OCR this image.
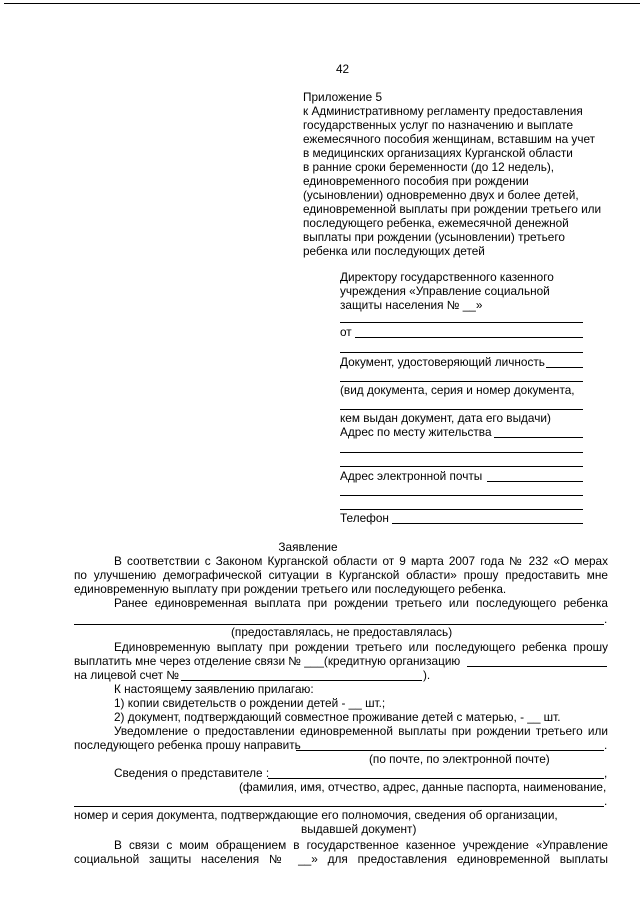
42
Приложение 5
к Административному регламенту предоставления
государственных услуг по назначению и выплате
ежемесячного пособия женщинам, вставшим на учет
в медицинских организациях Курганской области
в ранние сроки беременности (до 12 недель),
единовременного пособия при рождении
(усыновлении) одновременно двух и более детей,
единовременной выплаты при рождении третьего или
последующего ребенка, ежемесячной денежной
выплаты при рождении (усыновлении) третьего
ребенка или последующих детей
Директору государственного казенного
учреждения «Управление социальной
защиты населения № __»
от
Документ, удостоверяющий личность
(вид документа, серия и номер документа,
кем выдан документ, дата его выдачи)
Адрес по месту жительства
Адрес электронной почты
Телефон
Заявление
В соответствии с Законом Курганской области от 9 марта 2007 года № 232 «О мерах
по улучшению демографической ситуации в Курганской области» прошу предоставить мне
единовременную выплату при рождении третьего или последующего ребенка.
Ранее единовременная выплата при рождении третьего или последующего ребенка
.
(предоставлялась, не предоставлялась)
Единовременную выплату при рождении третьего или последующего ребенка прошу
выплатить мне через отделение связи № ___(кредитную организацию
на лицевой счет №	).
К настоящему заявлению прилагаю:
1) копии свидетельств о рождении детей - __ шт.;
2) документ, подтверждающий совместное проживание детей с матерью, - __ шт.
Уведомление о предоставлении единовременной выплаты при рождении третьего или
последующего ребенка прошу направить	.
(по почте, по электронной почте)
Сведения о представителе :	,
(фамилия, имя, отчество, адрес, данные паспорта, наименование,
.
номер и серия документа, подтверждающие его полномочия, сведения об организации,
выдавшей документ)
В связи с моим обращением в государственное казенное учреждение «Управление
социальной защиты населения № __» для предоставления единовременной выплаты
